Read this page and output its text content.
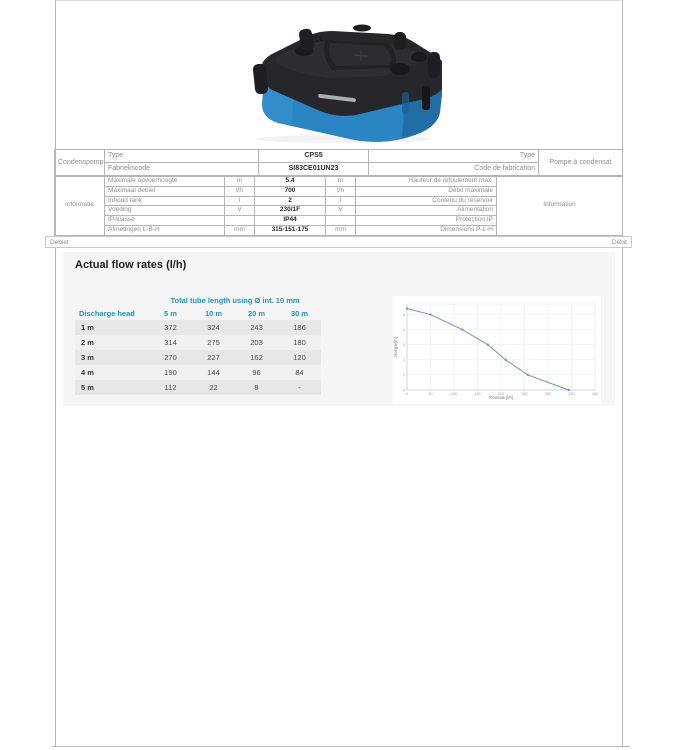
Condenspomp	Type	CPS5	Type	Pompe à condensat
	Fabriekscode	SI83CE01UN23	Code de fabrication	
Informatie	Maximale opvoerhoogte	m	5.4	m	Hauteur de refoulement max.	Information
	Maximaal debiet	l/h	700	l/h	Débit maximale	
	Inhoud tank	l	2	l	Contenu du réservoir	
	Voeding	V	230/1F	V	Alimentation	
	IP-klasse		IP44		Protection IP	
	Afmetingen L-B-H	mm	315-151-175	mm	Dimensions P-L-H	
Debiet	Débit
Actual flow rates (l/h)
	Total tube length using Ø int. 10 mm			
Discharge head	5 m	10 m	20 m	30 m
1 m	372	324	243	186
2 m	314	275	203	180
3 m	270	227	162	120
4 m	190	144	96	84
5 m	112	22	8	-
0	50	100	150	200	250	300	350	400
0
1
2
3
4
5
Flowrate [l/h]
Hoogte[m]
